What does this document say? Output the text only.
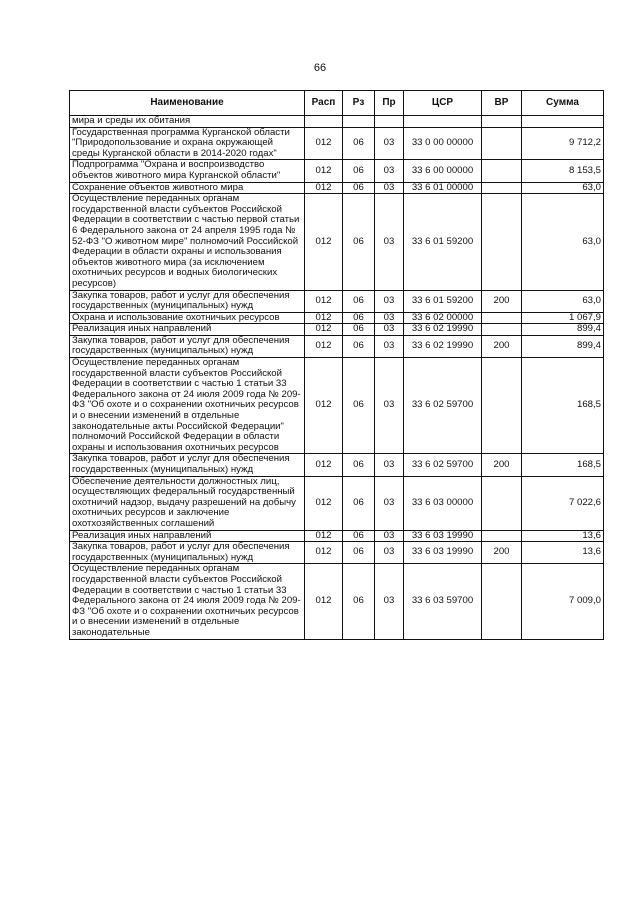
66
Наименование	Расп	Рз	Пр	ЦСР	ВР	Сумма
мира и среды их обитания						
Государственная программа Курганской области "Природопользование и охрана окружающей среды Курганской области в 2014-2020 годах"	012	06	03	33 0 00 00000		9 712,2
Подпрограмма "Охрана и воспроизводство объектов животного мира Курганской области"	012	06	03	33 6 00 00000		8 153,5
Сохранение объектов животного мира	012	06	03	33 6 01 00000		63,0
Осуществление переданных органам государственной власти субъектов Российской Федерации в соответствии с частью первой статьи 6 Федерального закона от 24 апреля 1995 года № 52-ФЗ "О животном мире" полномочий Российской Федерации в области охраны и использования объектов животного мира (за исключением охотничьих ресурсов и водных биологических ресурсов)	012	06	03	33 6 01 59200		63,0
Закупка товаров, работ и услуг для обеспечения государственных (муниципальных) нужд	012	06	03	33 6 01 59200	200	63,0
Охрана и использование охотничьих ресурсов	012	06	03	33 6 02 00000		1 067,9
Реализация иных направлений	012	06	03	33 6 02 19990		899,4
Закупка товаров, работ и услуг для обеспечения государственных (муниципальных) нужд	012	06	03	33 6 02 19990	200	899,4
Осуществление переданных органам государственной власти субъектов Российской Федерации в соответствии с частью 1 статьи 33 Федерального закона от 24 июля 2009 года № 209-ФЗ "Об охоте и о сохранении охотничьих ресурсов и о внесении изменений в отдельные законодательные акты Российской Федерации" полномочий Российской Федерации в области охраны и использования охотничьих ресурсов	012	06	03	33 6 02 59700		168,5
Закупка товаров, работ и услуг для обеспечения государственных (муниципальных) нужд	012	06	03	33 6 02 59700	200	168,5
Обеспечение деятельности должностных лиц, осуществляющих федеральный государственный охотничий надзор, выдачу разрешений на добычу охотничьих ресурсов и заключение охотхозяйственных соглашений	012	06	03	33 6 03 00000		7 022,6
Реализация иных направлений	012	06	03	33 6 03 19990		13,6
Закупка товаров, работ и услуг для обеспечения государственных (муниципальных) нужд	012	06	03	33 6 03 19990	200	13,6
Осуществление переданных органам государственной власти субъектов Российской Федерации в соответствии с частью 1 статьи 33 Федерального закона от 24 июля 2009 года № 209-ФЗ "Об охоте и о сохранении охотничьих ресурсов и о внесении изменений в отдельные законодательные	012	06	03	33 6 03 59700		7 009,0
